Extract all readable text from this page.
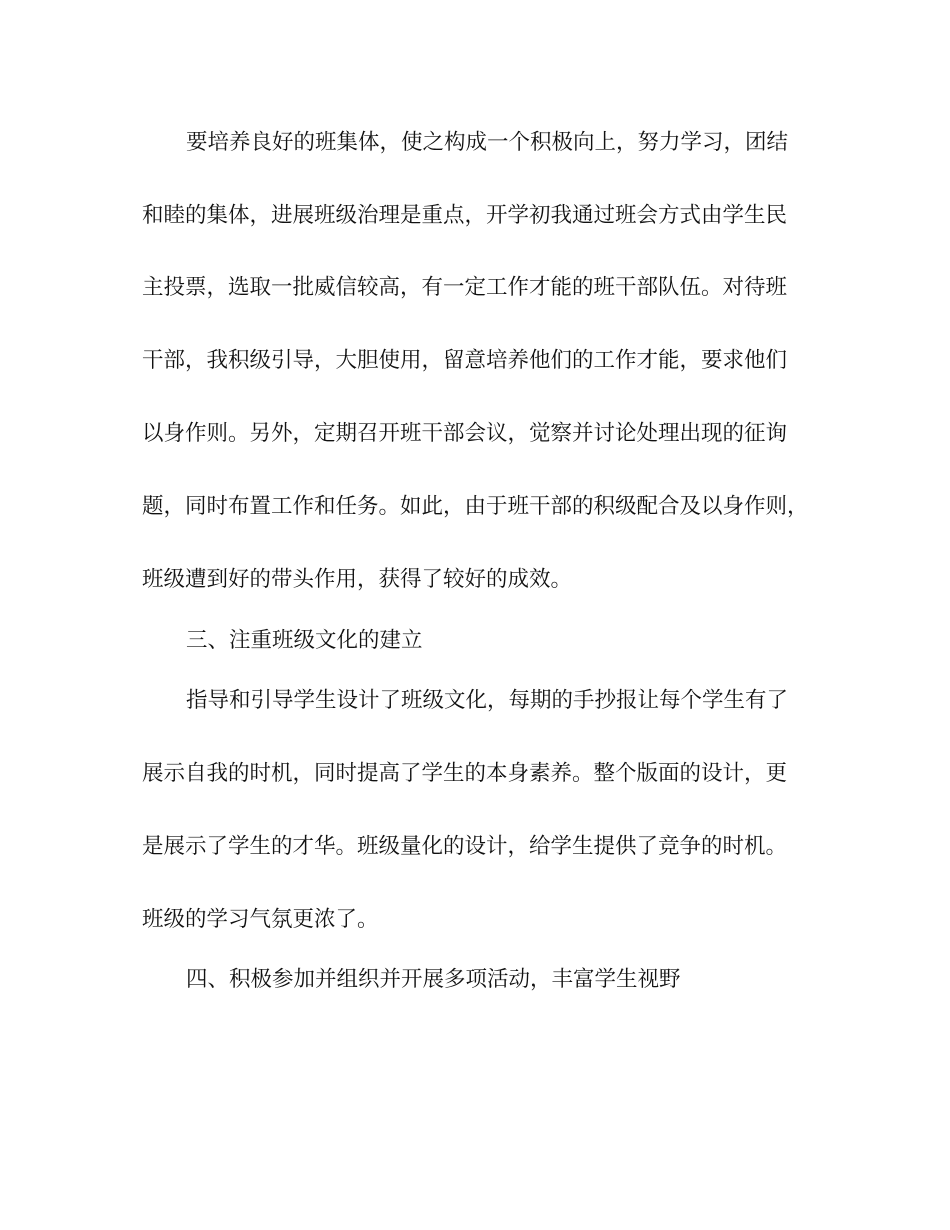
要培养良好的班集体，使之构成一个积极向上，努力学习，团结

和睦的集体，进展班级治理是重点，开学初我通过班会方式由学生民

主投票，选取一批威信较高，有一定工作才能的班干部队伍。对待班

干部，我积级引导，大胆使用，留意培养他们的工作才能，要求他们

以身作则。另外，定期召开班干部会议，觉察并讨论处理出现的征询

题，同时布置工作和任务。如此，由于班干部的积级配合及以身作则，

班级遭到好的带头作用，获得了较好的成效。

三、注重班级文化的建立

指导和引导学生设计了班级文化，每期的手抄报让每个学生有了

展示自我的时机，同时提高了学生的本身素养。整个版面的设计，更

是展示了学生的才华。班级量化的设计，给学生提供了竞争的时机。

班级的学习气氛更浓了。

四、积极参加并组织并开展多项活动，丰富学生视野
